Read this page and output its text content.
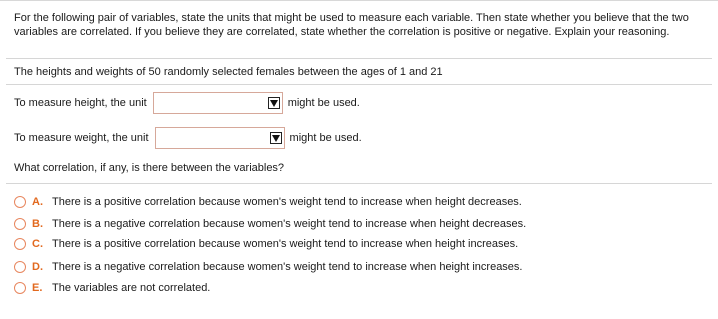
For the following pair of variables, state the units that might be used to measure each variable. Then state whether you believe that the two variables are correlated. If you believe they are correlated, state whether the correlation is positive or negative. Explain your reasoning.

The heights and weights of 50 randomly selected females between the ages of 1 and 21

To measure height, the unit	might be used.
To measure weight, the unit	might be used.

What correlation, if any, is there between the variables?

A. There is a positive correlation because women's weight tend to increase when height decreases.
B. There is a negative correlation because women's weight tend to increase when height decreases.
C. There is a positive correlation because women's weight tend to increase when height increases.
D. There is a negative correlation because women's weight tend to increase when height increases.
E. The variables are not correlated.
